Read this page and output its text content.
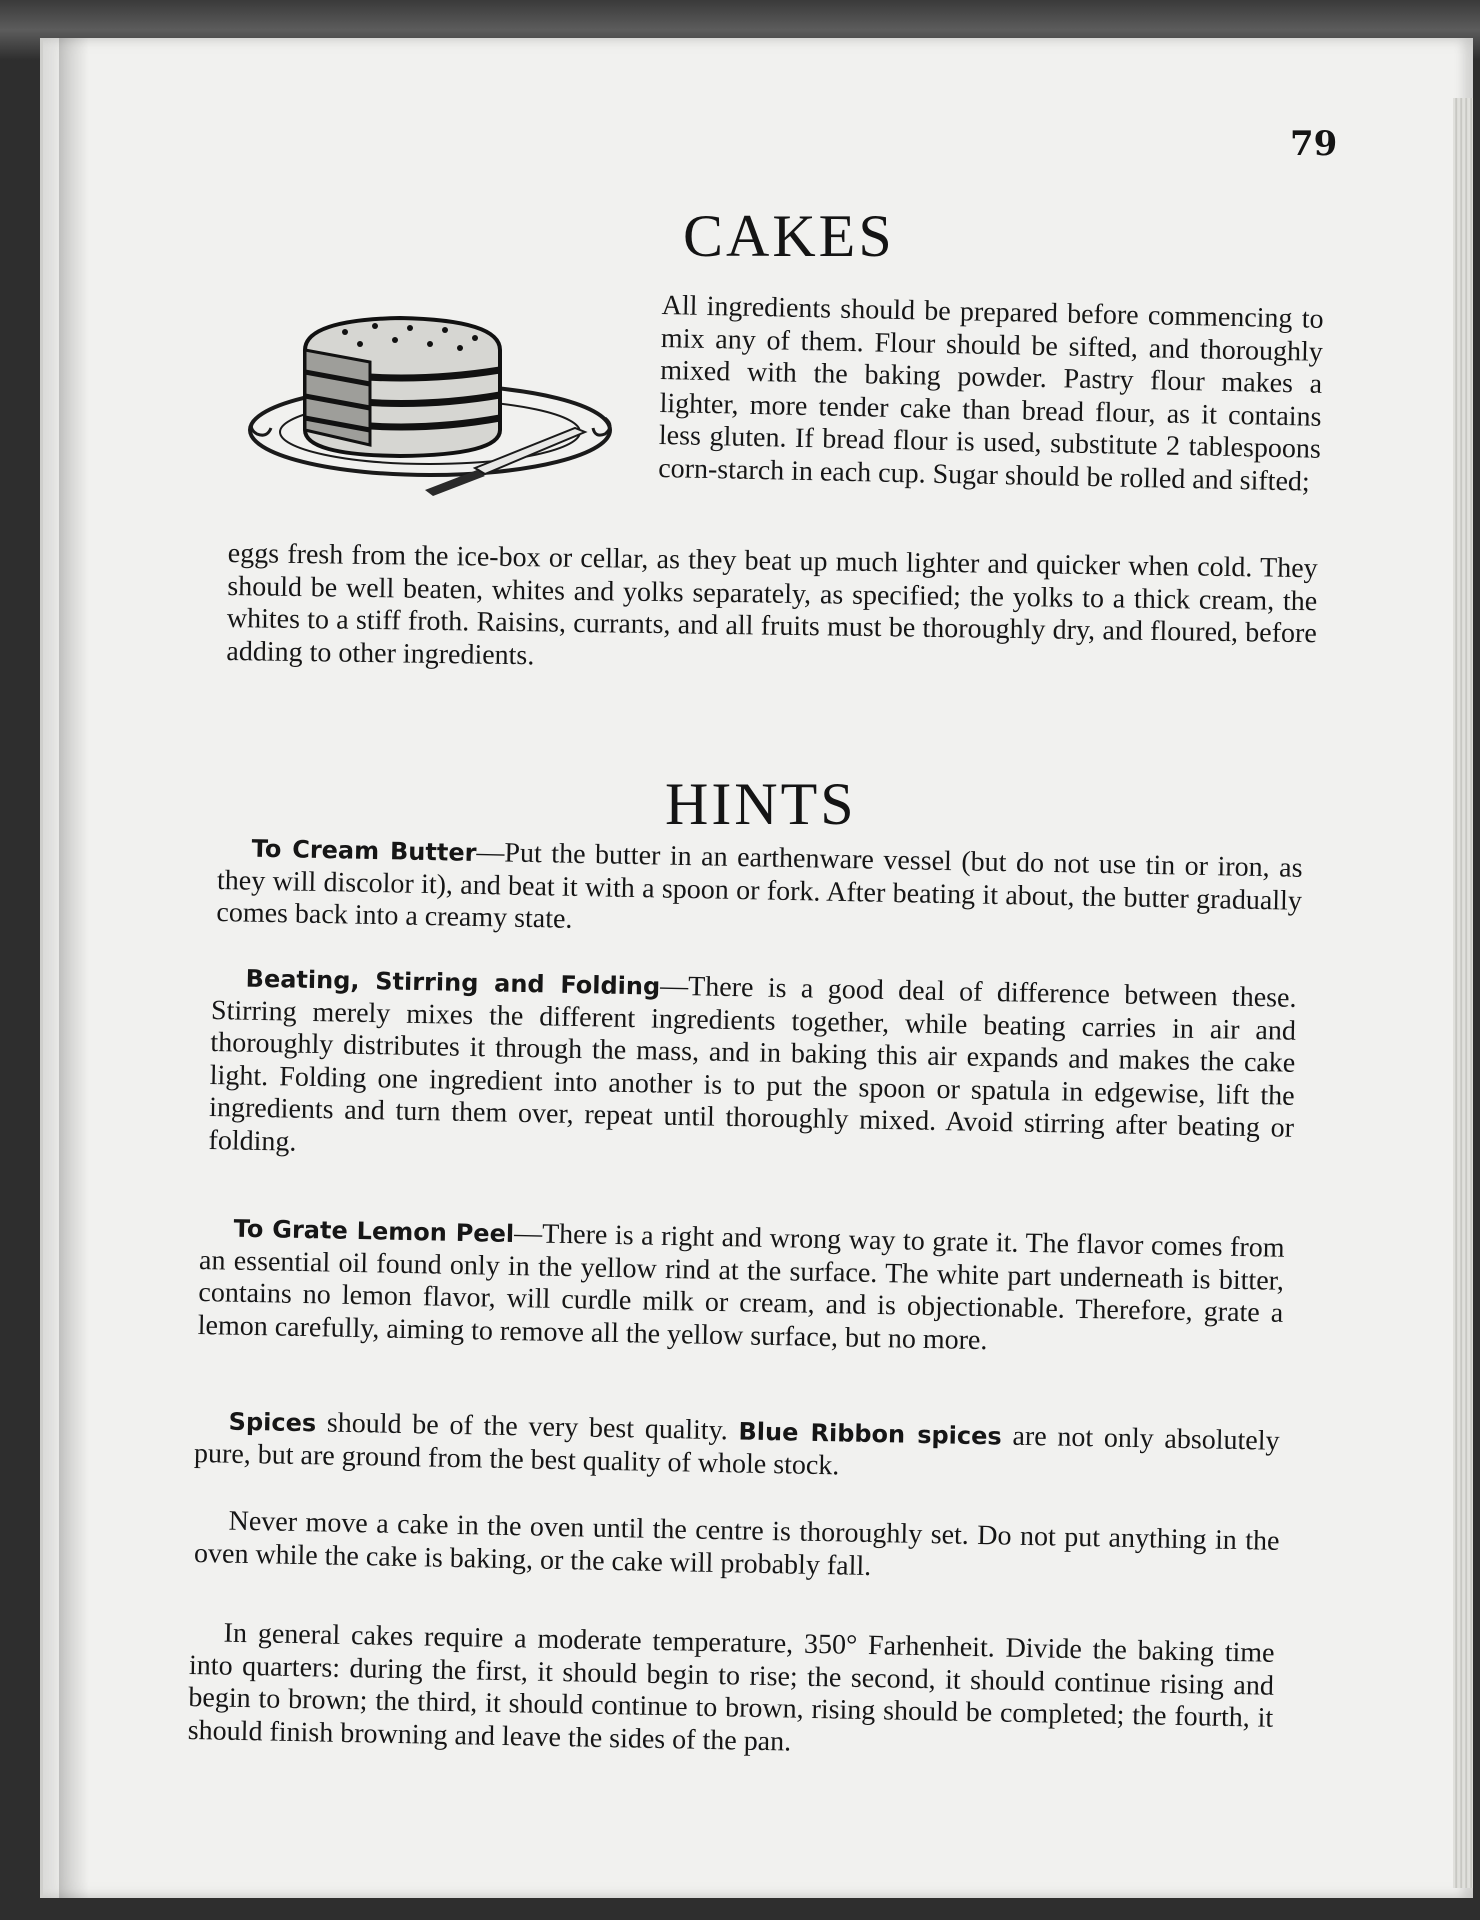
79
CAKES

All ingredients should be prepared before commencing to mix any of them. Flour should be sifted, and thoroughly mixed with the baking powder. Pastry flour makes a lighter, more tender cake than bread flour, as it contains less gluten. If bread flour is used, substitute 2 tablespoons corn-starch in each cup. Sugar should be rolled and sifted;

eggs fresh from the ice-box or cellar, as they beat up much lighter and quicker when cold. They should be well beaten, whites and yolks separately, as specified; the yolks to a thick cream, the whites to a stiff froth. Raisins, currants, and all fruits must be thoroughly dry, and floured, before adding to other ingredients.

HINTS

To Cream Butter—Put the butter in an earthenware vessel (but do not use tin or iron, as they will discolor it), and beat it with a spoon or fork. After beating it about, the butter gradually comes back into a creamy state.

Beating, Stirring and Folding—There is a good deal of difference between these. Stirring merely mixes the different ingredients together, while beating carries in air and thoroughly distributes it through the mass, and in baking this air expands and makes the cake light. Folding one ingredient into another is to put the spoon or spatula in edgewise, lift the ingredients and turn them over, repeat until thoroughly mixed. Avoid stirring after beating or folding.

To Grate Lemon Peel—There is a right and wrong way to grate it. The flavor comes from an essential oil found only in the yellow rind at the surface. The white part underneath is bitter, contains no lemon flavor, will curdle milk or cream, and is objectionable. Therefore, grate a lemon carefully, aiming to remove all the yellow surface, but no more.

Spices should be of the very best quality. Blue Ribbon spices are not only absolutely pure, but are ground from the best quality of whole stock.

Never move a cake in the oven until the centre is thoroughly set. Do not put anything in the oven while the cake is baking, or the cake will probably fall.

In general cakes require a moderate temperature, 350° Farhenheit. Divide the baking time into quarters: during the first, it should begin to rise; the second, it should continue rising and begin to brown; the third, it should continue to brown, rising should be completed; the fourth, it should finish browning and leave the sides of the pan.
